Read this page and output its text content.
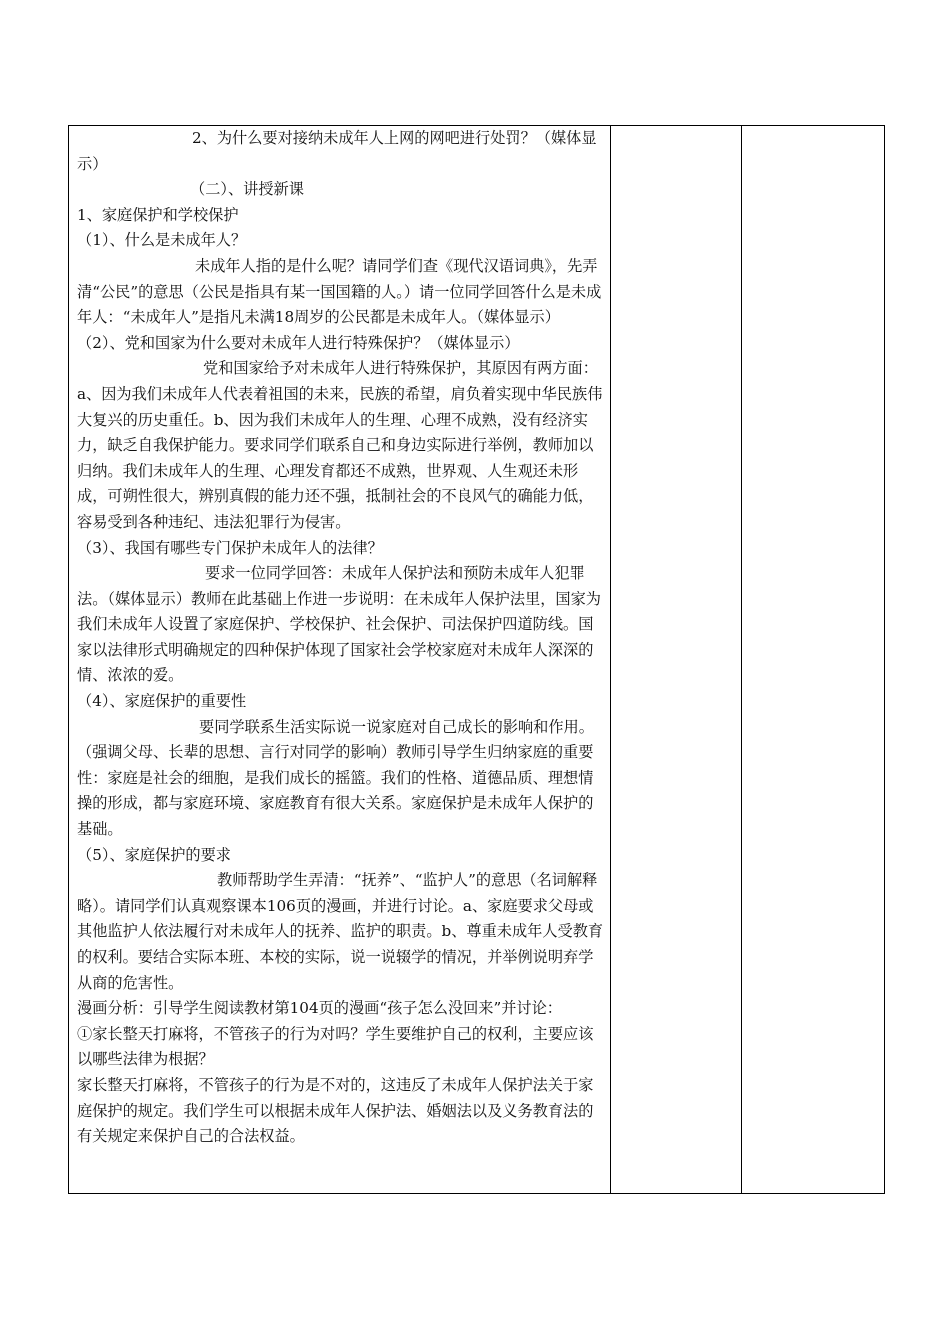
2、为什么要对接纳未成年人上网的网吧进行处罚？（媒体显示）

（二）、讲授新课

1、家庭保护和学校保护

（1）、什么是未成年人？

未成年人指的是什么呢？请同学们查《现代汉语词典》，先弄清“公民”的意思（公民是指具有某一国国籍的人。）请一位同学回答什么是未成年人：“未成年人”是指凡未满18周岁的公民都是未成年人。（媒体显示）

（2）、党和国家为什么要对未成年人进行特殊保护？（媒体显示）

党和国家给予对未成年人进行特殊保护，其原因有两方面：a、因为我们未成年人代表着祖国的未来，民族的希望，肩负着实现中华民族伟大复兴的历史重任。b、因为我们未成年人的生理、心理不成熟，没有经济实力，缺乏自我保护能力。要求同学们联系自己和身边实际进行举例，教师加以归纳。我们未成年人的生理、心理发育都还不成熟，世界观、人生观还未形成，可朔性很大，辨别真假的能力还不强，抵制社会的不良风气的确能力低，容易受到各种违纪、违法犯罪行为侵害。

（3）、我国有哪些专门保护未成年人的法律？

要求一位同学回答：未成年人保护法和预防未成年人犯罪法。（媒体显示）教师在此基础上作进一步说明：在未成年人保护法里，国家为我们未成年人设置了家庭保护、学校保护、社会保护、司法保护四道防线。国家以法律形式明确规定的四种保护体现了国家社会学校家庭对未成年人深深的情、浓浓的爱。

（4）、家庭保护的重要性

要同学联系生活实际说一说家庭对自己成长的影响和作用。（强调父母、长辈的思想、言行对同学的影响）教师引导学生归纳家庭的重要性：家庭是社会的细胞，是我们成长的摇篮。我们的性格、道德品质、理想情操的形成，都与家庭环境、家庭教育有很大关系。家庭保护是未成年人保护的基础。

（5）、家庭保护的要求

教师帮助学生弄清：“抚养”、“监护人”的意思（名词解释略）。请同学们认真观察课本106页的漫画，并进行讨论。a、家庭要求父母或其他监护人依法履行对未成年人的抚养、监护的职责。b、尊重未成年人受教育的权利。要结合实际本班、本校的实际，说一说辍学的情况，并举例说明弃学从商的危害性。

漫画分析：引导学生阅读教材第104页的漫画“孩子怎么没回来”并讨论：

①家长整天打麻将，不管孩子的行为对吗？学生要维护自己的权利，主要应该以哪些法律为根据？

家长整天打麻将，不管孩子的行为是不对的，这违反了未成年人保护法关于家庭保护的规定。我们学生可以根据未成年人保护法、婚姻法以及义务教育法的有关规定来保护自己的合法权益。
